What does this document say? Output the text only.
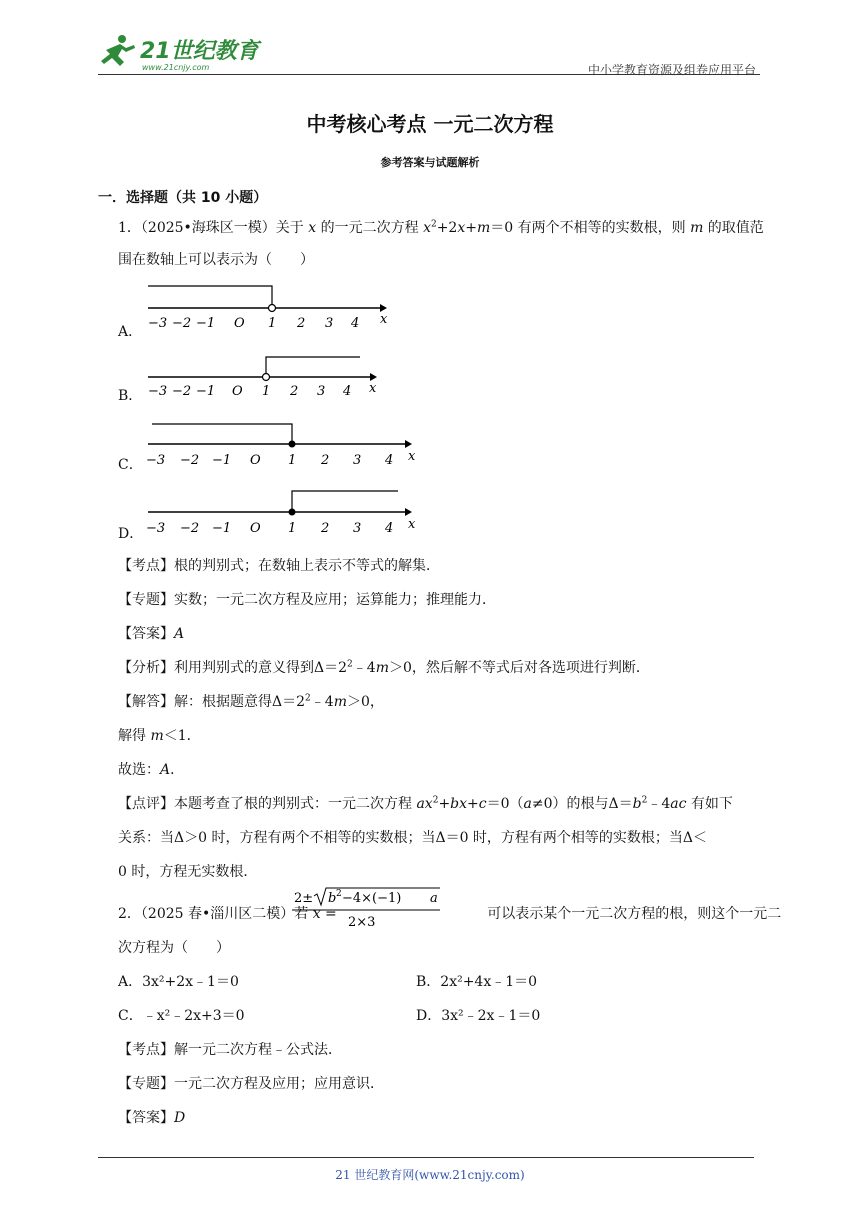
21世纪教育
www.21cnjy.com	中小学教育资源及组卷应用平台
中考核心考点 一元二次方程
参考答案与试题解析
一．选择题（共 10 小题）
1．（2025•海珠区一模）关于 x 的一元二次方程 $x^2+2x+m=0$ 有两个不相等的实数根，则 m 的取值范
围在数轴上可以表示为（　　）
A．
−3 −2 −1 O 1 2 3 4 x
B． −3 −2 −1 O 1 2 3 4 x
C． −3 −2 −1 O 1 2 3 4 x
D． −3 −2 −1 O 1 2 3 4 x
【考点】根的判别式；在数轴上表示不等式的解集．
【专题】实数；一元二次方程及应用；运算能力；推理能力．
【答案】A
【分析】利用判别式的意义得到$\Delta=2^2﹣4m>0$，然后解不等式后对各选项进行判断．
【解答】解：根据题意得$\Delta=2^2﹣4m>0$，
解得 m＜1．
故选：A．
【点评】本题考查了根的判别式：一元二次方程 $ax^2+bx+c=0(a\ne 0)$的根与$\Delta=b^2﹣4ac$ 有如下
关系：当Δ＞0 时，方程有两个不相等的实数根；当Δ＝0 时，方程有两个相等的实数根；当Δ＜
0 时，方程无实数根．
2．（2025 春•淄川区二模）若 x =	可以表示某个一元二次方程的根，则这个一元二
2± b 2 −4×(−1) a
2×3
次方程为（　　）
A．3x²+2x﹣1＝0	B．2x²+4x﹣1＝0
C．﹣x²﹣2x+3＝0	D．3x²﹣2x﹣1＝0
【考点】解一元二次方程﹣公式法．
【专题】一元二次方程及应用；应用意识．
【答案】D
21 世纪教育网(www.21cnjy.com)
